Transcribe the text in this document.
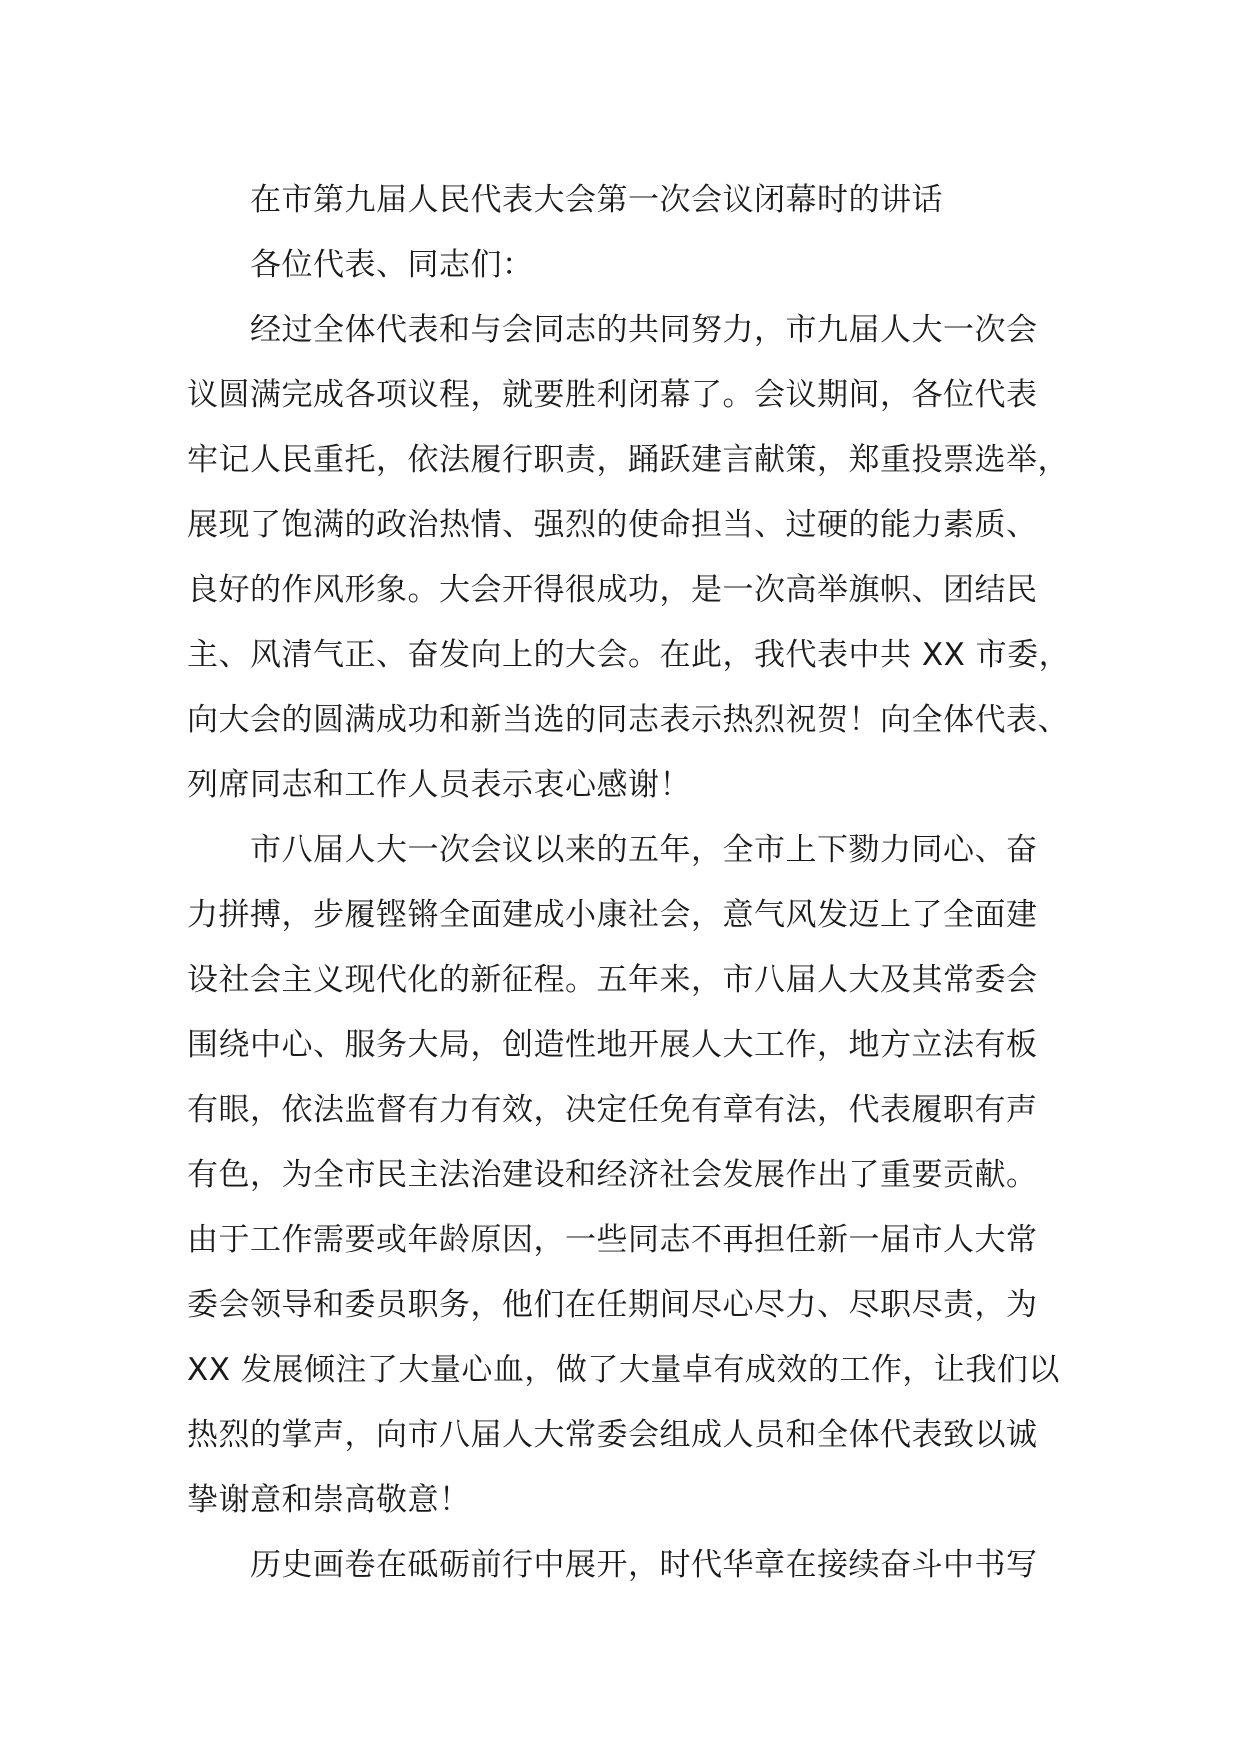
在市第九届人民代表大会第一次会议闭幕时的讲话
各位代表、同志们：
经过全体代表和与会同志的共同努力，市九届人大一次会
议圆满完成各项议程，就要胜利闭幕了。会议期间，各位代表
牢记人民重托，依法履行职责，踊跃建言献策，郑重投票选举，
展现了饱满的政治热情、强烈的使命担当、过硬的能力素质、
良好的作风形象。大会开得很成功，是一次高举旗帜、团结民
主、风清气正、奋发向上的大会。在此，我代表中共 XX 市委，
向大会的圆满成功和新当选的同志表示热烈祝贺！向全体代表、
列席同志和工作人员表示衷心感谢！
市八届人大一次会议以来的五年，全市上下勠力同心、奋
力拼搏，步履铿锵全面建成小康社会，意气风发迈上了全面建
设社会主义现代化的新征程。五年来，市八届人大及其常委会
围绕中心、服务大局，创造性地开展人大工作，地方立法有板
有眼，依法监督有力有效，决定任免有章有法，代表履职有声
有色，为全市民主法治建设和经济社会发展作出了重要贡献。
由于工作需要或年龄原因，一些同志不再担任新一届市人大常
委会领导和委员职务，他们在任期间尽心尽力、尽职尽责，为
XX 发展倾注了大量心血，做了大量卓有成效的工作，让我们以
热烈的掌声，向市八届人大常委会组成人员和全体代表致以诚
挚谢意和崇高敬意！
历史画卷在砥砺前行中展开，时代华章在接续奋斗中书写
